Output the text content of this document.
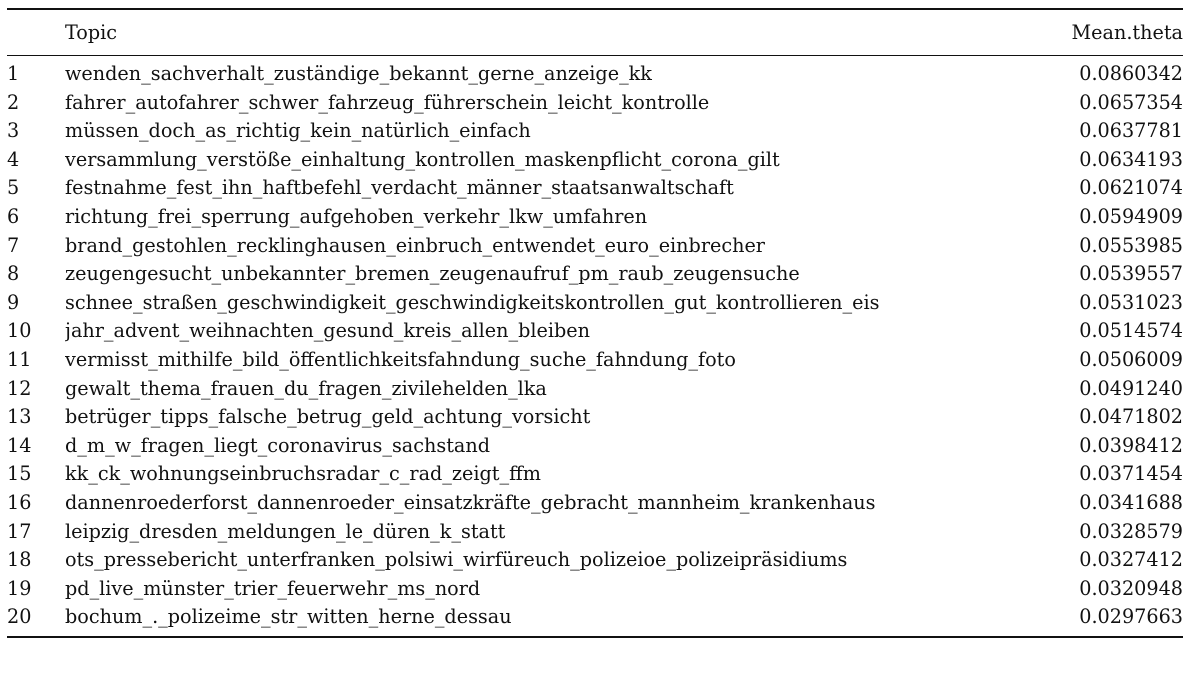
	Topic	Mean.theta
1	wenden_sachverhalt_zuständige_bekannt_gerne_anzeige_kk	0.0860342
2	fahrer_autofahrer_schwer_fahrzeug_führerschein_leicht_kontrolle	0.0657354
3	müssen_doch_as_richtig_kein_natürlich_einfach	0.0637781
4	versammlung_verstöße_einhaltung_kontrollen_maskenpflicht_corona_gilt	0.0634193
5	festnahme_fest_ihn_haftbefehl_verdacht_männer_staatsanwaltschaft	0.0621074
6	richtung_frei_sperrung_aufgehoben_verkehr_lkw_umfahren	0.0594909
7	brand_gestohlen_recklinghausen_einbruch_entwendet_euro_einbrecher	0.0553985
8	zeugengesucht_unbekannter_bremen_zeugenaufruf_pm_raub_zeugensuche	0.0539557
9	schnee_straßen_geschwindigkeit_geschwindigkeitskontrollen_gut_kontrollieren_eis	0.0531023
10	jahr_advent_weihnachten_gesund_kreis_allen_bleiben	0.0514574
11	vermisst_mithilfe_bild_öffentlichkeitsfahndung_suche_fahndung_foto	0.0506009
12	gewalt_thema_frauen_du_fragen_zivilehelden_lka	0.0491240
13	betrüger_tipps_falsche_betrug_geld_achtung_vorsicht	0.0471802
14	d_m_w_fragen_liegt_coronavirus_sachstand	0.0398412
15	kk_ck_wohnungseinbruchsradar_c_rad_zeigt_ffm	0.0371454
16	dannenroederforst_dannenroeder_einsatzkräfte_gebracht_mannheim_krankenhaus	0.0341688
17	leipzig_dresden_meldungen_le_düren_k_statt	0.0328579
18	ots_pressebericht_unterfranken_polsiwi_wirfüreuch_polizeioe_polizeipräsidiums	0.0327412
19	pd_live_münster_trier_feuerwehr_ms_nord	0.0320948
20	bochum_._polizeime_str_witten_herne_dessau	0.0297663
